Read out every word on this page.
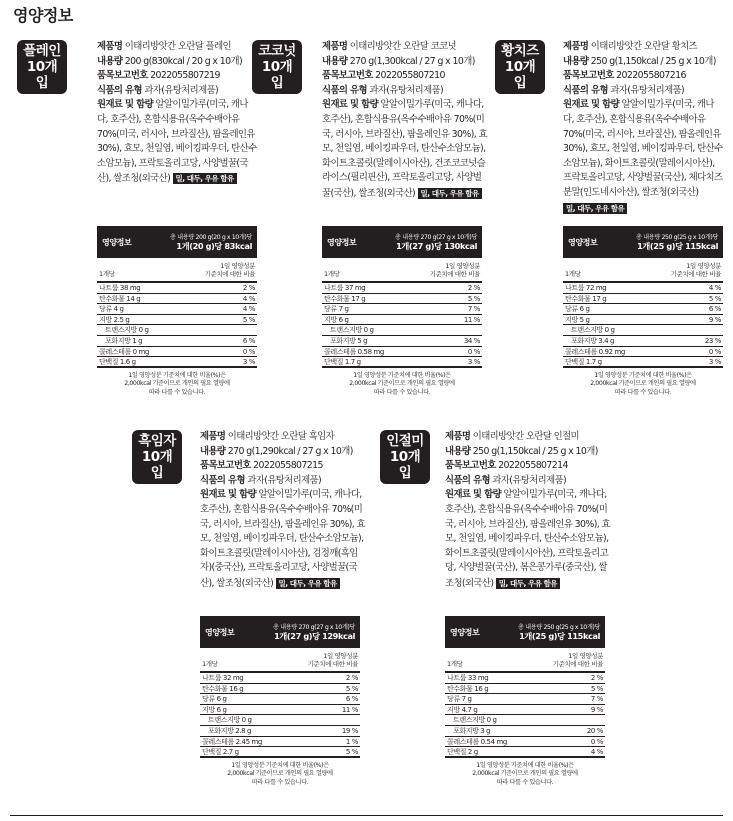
영양정보
플레인
10개입
제품명 이태리방앗간 오란달 플레인
내용량 200 g(830kcal / 20 g x 10개)
품목보고번호 2022055807219
식품의 유형 과자(유탕처리제품)
원재료 및 함량 알알이밀가루(미국, 캐나다, 호주산), 혼합식용유(옥수수배아유 70%(미국, 러시아, 브라질산), 팜올레인유 30%), 효모, 천일염, 베이킹파우더, 탄산수소암모늄), 프락토올리고당, 사양벌꿀(국산), 쌀조청(외국산) 밀, 대두, 우유 함유
영양정보	총 내용량 200 g(20 g x 10개)당
1개(20 g)당 83kcal
1개당
1일 영양성분
기준치에 대한 비율
나트륨 38 mg	2 %
탄수화물 14 g	4 %
당류 4 g	4 %
지방 2.5 g	5 %
트랜스지방 0 g
포화지방 1 g	6 %
콜레스테롤 0 mg	0 %
단백질 1.6 g	3 %
1일 영양성분 기준치에 대한 비율(%)은
2,000kcal 기준이므로 개인의 필요 열량에
따라 다를 수 있습니다.
코코넛
10개입
제품명 이태리방앗간 오란달 코코넛
내용량 270 g(1,300kcal / 27 g x 10개)
품목보고번호 2022055807210
식품의 유형 과자(유탕처리제품)
원재료 및 함량 알알이밀가루(미국, 캐나다, 호주산), 혼합식용유(옥수수배아유 70%(미국, 러시아, 브라질산), 팜올레인유 30%), 효모, 천일염, 베이킹파우더, 탄산수소암모늄), 화이트초콜릿(말레이시아산), 건조코코넛슬라이스(필리핀산), 프락토올리고당, 사양벌꿀(국산), 쌀조청(외국산) 밀, 대두, 우유 함유
영양정보	총 내용량 270 g(27 g x 10개)당
1개(27 g)당 130kcal
1개당
1일 영양성분
기준치에 대한 비율
나트륨 37 mg	2 %
탄수화물 17 g	5 %
당류 7 g	7 %
지방 6 g	11 %
트랜스지방 0 g
포화지방 5 g	34 %
콜레스테롤 0.58 mg	0 %
단백질 1.7 g	3 %
1일 영양성분 기준치에 대한 비율(%)은
2,000kcal 기준이므로 개인의 필요 열량에
따라 다를 수 있습니다.
황치즈
10개입
제품명 이태리방앗간 오란달 황치즈
내용량 250 g(1,150kcal / 25 g x 10개)
품목보고번호 2022055807216
식품의 유형 과자(유탕처리제품)
원재료 및 함량 알알이밀가루(미국, 캐나다, 호주산), 혼합식용유(옥수수배아유 70%(미국, 러시아, 브라질산), 팜올레인유 30%), 효모, 천일염, 베이킹파우더, 탄산수소암모늄), 화이트초콜릿(말레이시아산), 프락토올리고당, 사양벌꿀(국산), 체다치즈분말(인도네시아산), 쌀조청(외국산) 밀, 대두, 우유 함유
영양정보	총 내용량 250 g(25 g x 10개)당
1개(25 g)당 115kcal
1개당
1일 영양성분
기준치에 대한 비율
나트륨 72 mg	4 %
탄수화물 17 g	5 %
당류 6 g	6 %
지방 5 g	9 %
트랜스지방 0 g
포화지방 3.4 g	23 %
콜레스테롤 0.92 mg	0 %
단백질 1.7 g	3 %
1일 영양성분 기준치에 대한 비율(%)은
2,000kcal 기준이므로 개인의 필요 열량에
따라 다를 수 있습니다.
흑임자
10개입
제품명 이태리방앗간 오란달 흑임자
내용량 270 g(1,290kcal / 27 g x 10개)
품목보고번호 2022055807215
식품의 유형 과자(유탕처리제품)
원재료 및 함량 알알이밀가루(미국, 캐나다, 호주산), 혼합식용유(옥수수배아유 70%(미국, 러시아, 브라질산), 팜올레인유 30%), 효모, 천일염, 베이킹파우더, 탄산수소암모늄), 화이트초콜릿(말레이시아산), 검정깨(흑임자)(중국산), 프락토올리고당, 사양벌꿀(국산), 쌀조청(외국산) 밀, 대두, 우유 함유
영양정보	총 내용량 270 g(27 g x 10개)당
1개(27 g)당 129kcal
1개당
1일 영양성분
기준치에 대한 비율
나트륨 32 mg	2 %
탄수화물 16 g	5 %
당류 6 g	6 %
지방 6 g	11 %
트랜스지방 0 g
포화지방 2.8 g	19 %
콜레스테롤 2.45 mg	1 %
단백질 2.7 g	5 %
1일 영양성분 기준치에 대한 비율(%)은
2,000kcal 기준이므로 개인의 필요 열량에
따라 다를 수 있습니다.
인절미
10개입
제품명 이태리방앗간 오란달 인절미
내용량 250 g(1,150kcal / 25 g x 10개)
품목보고번호 2022055807214
식품의 유형 과자(유탕처리제품)
원재료 및 함량 알알이밀가루(미국, 캐나다, 호주산), 혼합식용유(옥수수배아유 70%(미국, 러시아, 브라질산), 팜올레인유 30%), 효모, 천일염, 베이킹파우더, 탄산수소암모늄), 화이트초콜릿(말레이시아산), 프락토올리고당, 사양벌꿀(국산), 볶은콩가루(중국산), 쌀조청(외국산) 밀, 대두, 우유 함유
영양정보	총 내용량 250 g(25 g x 10개)당
1개(25 g)당 115kcal
1개당
1일 영양성분
기준치에 대한 비율
나트륨 33 mg	2 %
탄수화물 16 g	5 %
당류 7 g	7 %
지방 4.7 g	9 %
트랜스지방 0 g
포화지방 3 g	20 %
콜레스테롤 0.54 mg	0 %
단백질 2 g	4 %
1일 영양성분 기준치에 대한 비율(%)은
2,000kcal 기준이므로 개인의 필요 열량에
따라 다를 수 있습니다.
